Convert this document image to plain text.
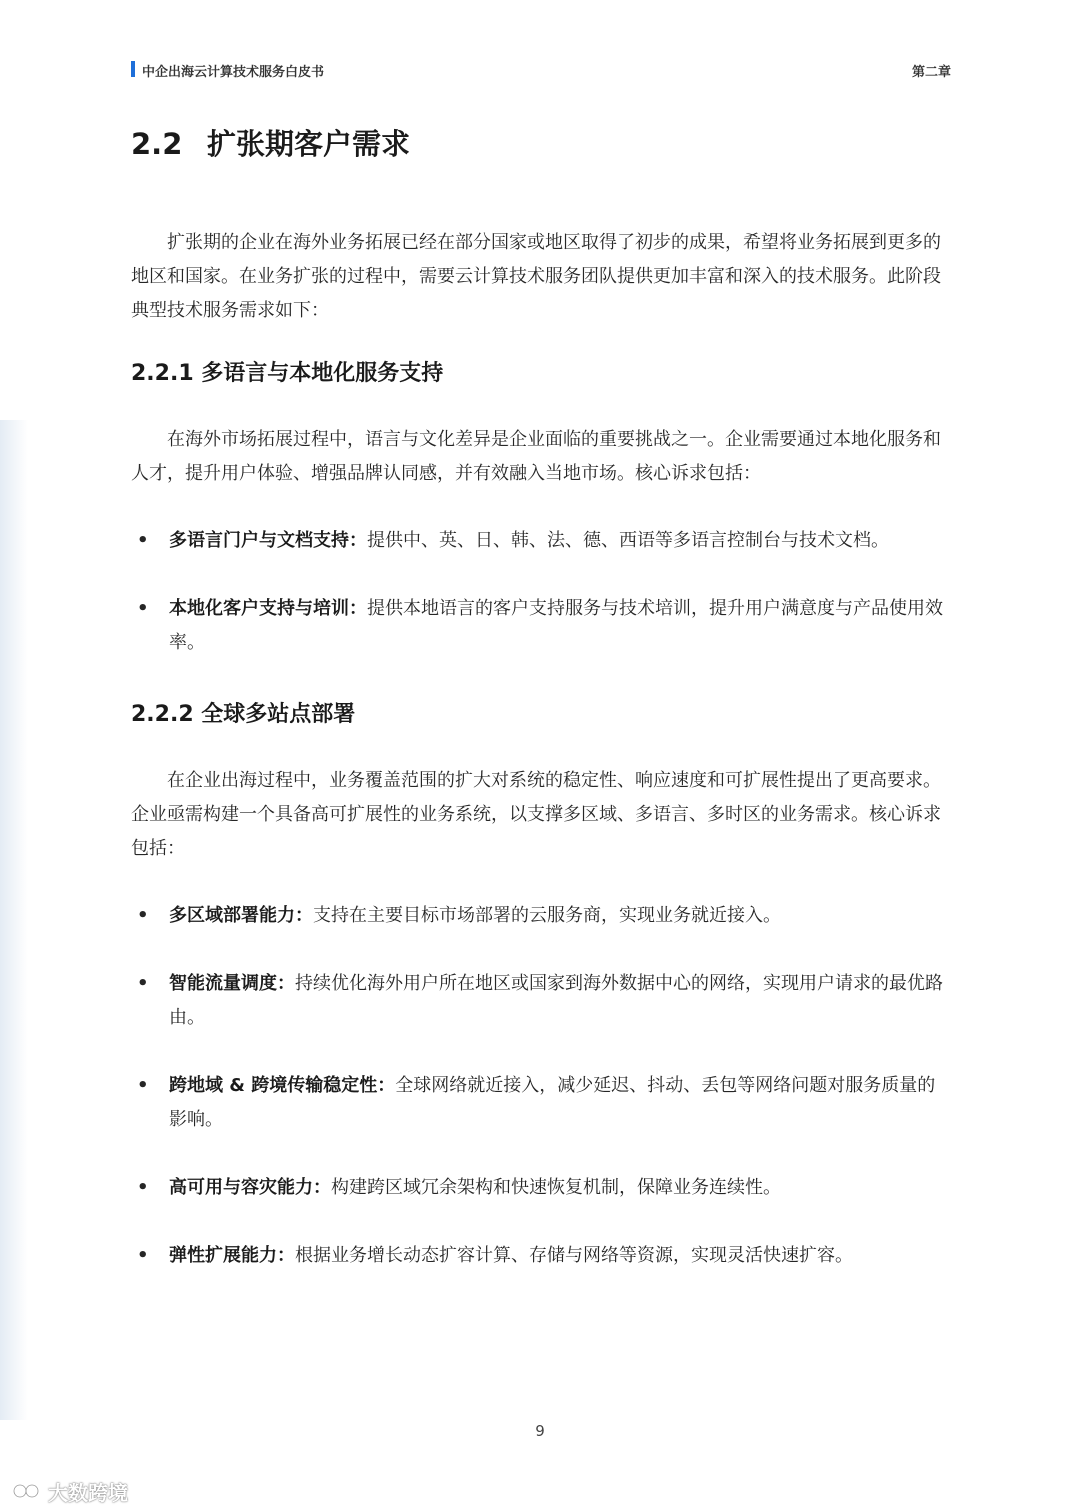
中企出海云计算技术服务白皮书	第二章
2.2 扩张期客户需求

扩张期的企业在海外业务拓展已经在部分国家或地区取得了初步的成果，希望将业务拓展到更多的地区和国家。在业务扩张的过程中，需要云计算技术服务团队提供更加丰富和深入的技术服务。此阶段典型技术服务需求如下：

2.2.1 多语言与本地化服务支持

在海外市场拓展过程中，语言与文化差异是企业面临的重要挑战之一。企业需要通过本地化服务和人才，提升用户体验、增强品牌认同感，并有效融入当地市场。核心诉求包括：

• 多语言门户与文档支持：提供中、英、日、韩、法、德、西语等多语言控制台与技术文档。
• 本地化客户支持与培训：提供本地语言的客户支持服务与技术培训，提升用户满意度与产品使用效率。
2.2.2 全球多站点部署

在企业出海过程中，业务覆盖范围的扩大对系统的稳定性、响应速度和可扩展性提出了更高要求。企业亟需构建一个具备高可扩展性的业务系统，以支撑多区域、多语言、多时区的业务需求。核心诉求包括：

• 多区域部署能力：支持在主要目标市场部署的云服务商，实现业务就近接入。
• 智能流量调度：持续优化海外用户所在地区或国家到海外数据中心的网络，实现用户请求的最优路由。
• 跨地域 & 跨境传输稳定性：全球网络就近接入，减少延迟、抖动、丢包等网络问题对服务质量的影响。
• 高可用与容灾能力：构建跨区域冗余架构和快速恢复机制，保障业务连续性。
• 弹性扩展能力：根据业务增长动态扩容计算、存储与网络等资源，实现灵活快速扩容。
9
大数跨境
